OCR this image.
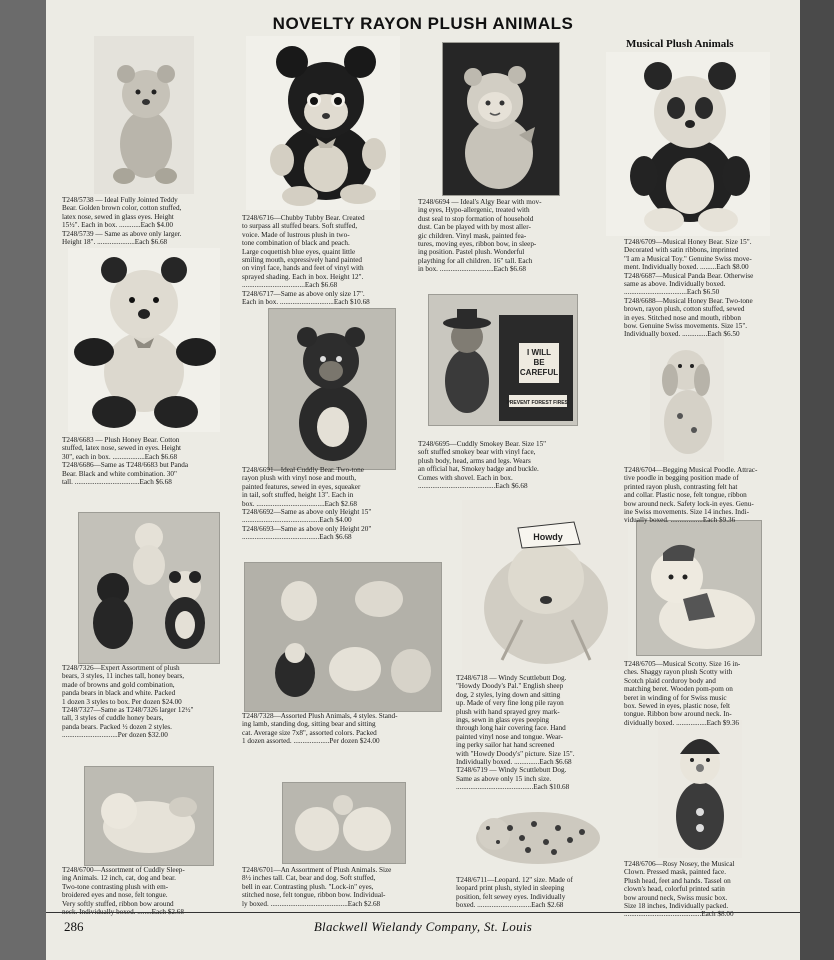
NOVELTY RAYON PLUSH ANIMALS
Musical Plush Animals
I WILL
BE
CAREFUL
PREVENT FOREST FIRES!
Howdy
T248/5738 — Ideal Fully Jointed Teddy
Bear. Golden brown color, cotton stuffed,
latex nose, sewed in glass eyes. Height
15½". Each in box. ............Each $4.00
T248/5739 — Same as above only larger.
Height 18". .....................Each $6.68
T248/6716—Chubby Tubby Bear. Created
to surpass all stuffed bears. Soft stuffed,
voice. Made of lustrous plush in two-
tone combination of black and peach.
Large coquettish blue eyes, quaint little
smiling mouth, expressively hand painted
on vinyl face, hands and feet of vinyl with
sprayed shading. Each in box. Height 12".
...................................Each $6.68
T248/6717—Same as above only size 17".
Each in box. ..............................Each $10.68
T248/6694 — Ideal's Algy Bear with mov-
ing eyes, Hypo-allergenic, treated with
dust seal to stop formation of household
dust. Can be played with by most aller-
gic children. Vinyl mask, painted fea-
tures, moving eyes, ribbon bow, in sleep-
ing position. Pastel plush. Wonderful
plaything for all children. 16" tall. Each
in box. ..............................Each $6.68
T248/6709—Musical Honey Bear. Size 15".
Decorated with satin ribbons, imprinted
"I am a Musical Toy." Genuine Swiss move-
ment. Individually boxed. .........Each $8.00
T248/6687—Musical Panda Bear. Otherwise
same as above. Individually boxed.
...................................Each $6.50
T248/6688—Musical Honey Bear. Two-tone
brown, rayon plush, cotton stuffed, sewed
in eyes. Stitched nose and mouth, ribbon
bow. Genuine Swiss movements. Size 15".
Individually boxed. ..............Each $6.50
T248/6683 — Plush Honey Bear. Cotton
stuffed, latex nose, sewed in eyes. Height
30", each in box. ..................Each $6.68
T248/6686—Same as T248/6683 but Panda
Bear. Black and white combination. 30"
tall. ....................................Each $6.68
T248/6691—Ideal Cuddly Bear. Two-tone
rayon plush with vinyl nose and mouth,
painted features, sewed in eyes, squeaker
in tail, soft stuffed, height 13". Each in
box. ......................................Each $2.68
T248/6692—Same as above only Height 15"
...........................................Each $4.00
T248/6693—Same as above only Height 20"
...........................................Each $6.68
T248/6695—Cuddly Smokey Bear. Size 15"
soft stuffed smokey bear with vinyl face,
plush body, head, arms and legs. Wears
an official hat, Smokey badge and buckle.
Comes with shovel. Each in box.
...........................................Each $6.68
T248/6704—Begging Musical Poodle. Attrac-
tive poodle in begging position made of
printed rayon plush, contrasting felt hat
and collar. Plastic nose, felt tongue, ribbon
bow around neck. Safety lock-in eyes. Genu-
ine Swiss movements. Size 14 inches. Indi-
vidually boxed. ..................Each $9.36
T248/7326—Expert Assortment of plush
bears, 3 styles, 11 inches tall, honey bears,
made of browns and gold combination,
panda bears in black and white. Packed
1 dozen 3 styles to box. Per dozen $24.00
T248/7327—Same as T248/7326 larger 12½"
tall, 3 styles of cuddle honey bears,
panda bears. Packed ½ dozen 2 styles.
...............................Per dozen $32.00
T248/7328—Assorted Plush Animals, 4 styles. Stand-
ing lamb, standing dog, sitting bear and sitting
cat. Average size 7x8", assorted colors. Packed
1 dozen assorted. ....................Per dozen $24.00
T248/6718 — Windy Scuttlebutt Dog.
"Howdy Doody's Pal." English sheep
dog, 2 styles, lying down and sitting
up. Made of very fine long pile rayon
plush with hand sprayed grey mark-
ings, sewn in glass eyes peeping
through long hair covering face. Hand
painted vinyl nose and tongue. Wear-
ing perky sailor hat hand screened
with "Howdy Doody's" picture. Size 15".
Individually boxed. ..............Each $6.68
T248/6719 — Windy Scuttlebutt Dog.
Same as above only 15 inch size.
...........................................Each $10.68
T248/6705—Musical Scotty. Size 16 in-
ches. Shaggy rayon plush Scotty with
Scotch plaid corduroy body and
matching beret. Wooden pom-pom on
beret in winding of for Swiss music
box. Sewed in eyes, plastic nose, felt
tongue. Ribbon bow around neck. In-
dividually boxed. .................Each $9.36
T248/6700—Assortment of Cuddly Sleep-
ing Animals. 12 inch, cat, dog and bear.
Two-tone contrasting plush with em-
broidered eyes and nose, felt tongue.
Very softly stuffed, ribbon bow around
neck. Individually boxed. ........Each $2.68
T248/6701—An Assortment of Plush Animals. Size
8½ inches tall. Cat, bear and dog. Soft stuffed,
bell in ear. Contrasting plush. "Lock-in" eyes,
stitched nose, felt tongue, ribbon bow. Individual-
ly boxed. ...........................................Each $2.68
T248/6711—Leopard. 12" size. Made of
leopard print plush, styled in sleeping
position, felt sewey eyes. Individually
boxed. ..............................Each $2.68
T248/6706—Rosy Nosey, the Musical
Clown. Pressed mask, painted face.
Plush head, feet and hands. Tassel on
clown's head, colorful printed satin
bow around neck, Swiss music box.
Size 18 inches, Individually packed.
...........................................Each $8.00
286	Blackwell Wielandy Company, St. Louis
